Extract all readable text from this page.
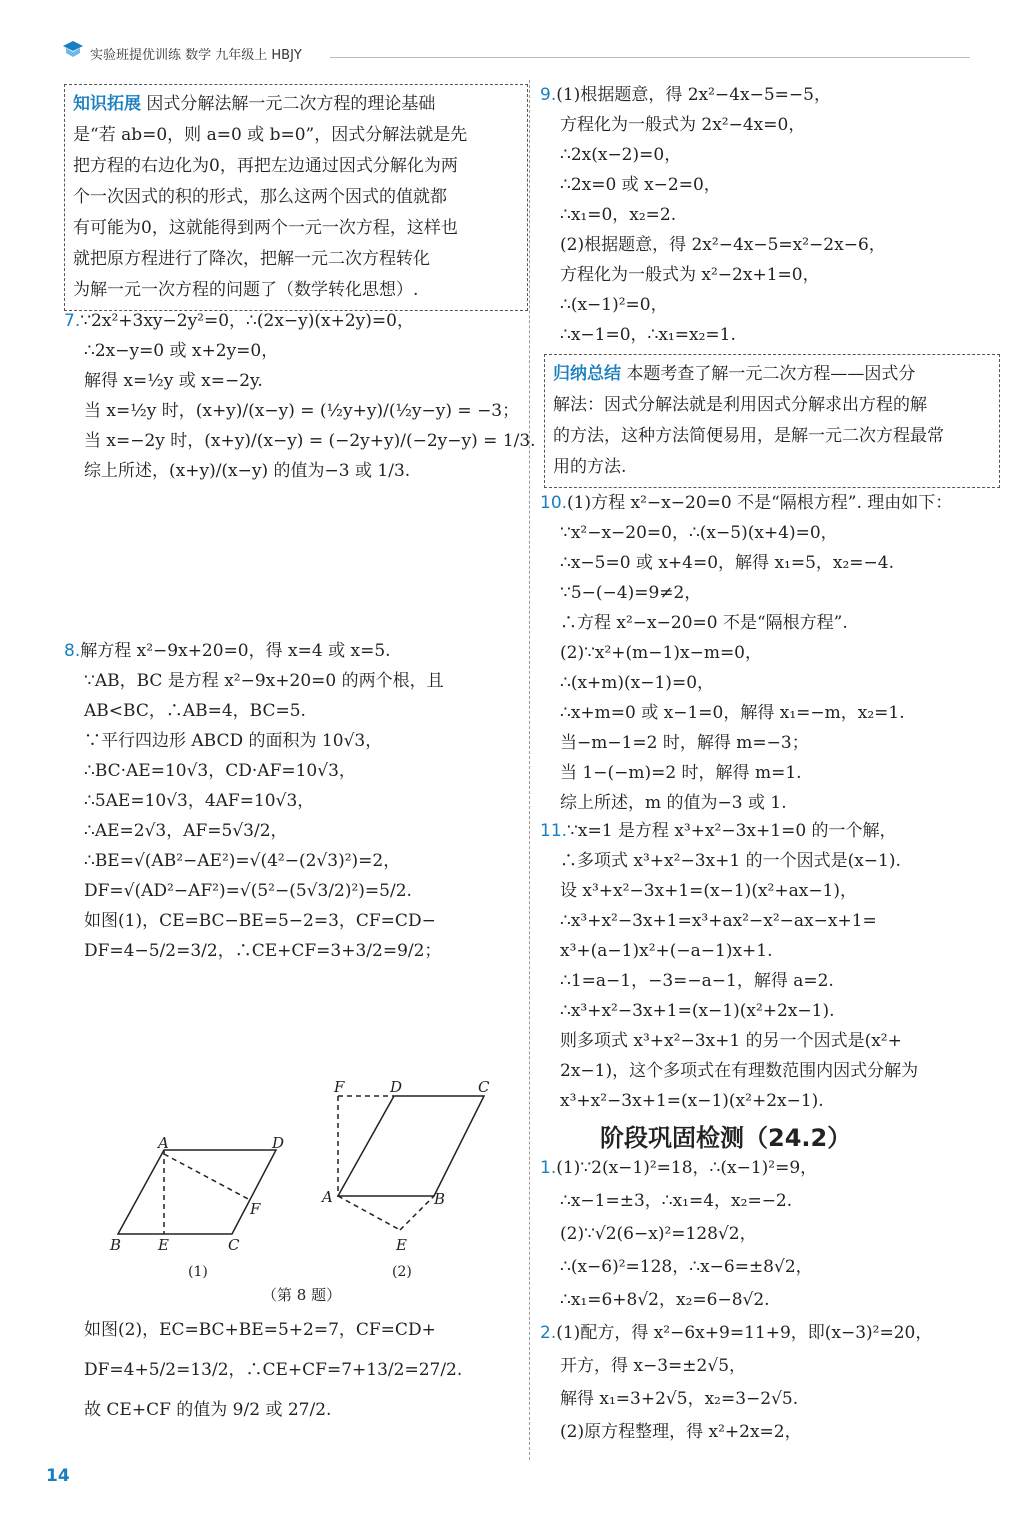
实验班提优训练 数学 九年级上 HBJY

知识拓展 因式分解法解一元二次方程的理论基础

是“若 ab=0，则 a=0 或 b=0”，因式分解法就是先

把方程的右边化为0，再把左边通过因式分解化为两

个一次因式的积的形式，那么这两个因式的值就都

有可能为0，这就能得到两个一元一次方程，这样也

就把原方程进行了降次，把解一元二次方程转化

为解一元一次方程的问题了（数学转化思想）.

7.∵2x²+3xy−2y²=0，∴(2x−y)(x+2y)=0，

∴2x−y=0 或 x+2y=0，

解得 x=½y 或 x=−2y.

当 x=½y 时，(x+y)/(x−y) = (½y+y)/(½y−y) = −3；

当 x=−2y 时，(x+y)/(x−y) = (−2y+y)/(−2y−y) = 1/3.

综上所述，(x+y)/(x−y) 的值为−3 或 1/3.

8.解方程 x²−9x+20=0，得 x=4 或 x=5.

∵AB，BC 是方程 x²−9x+20=0 的两个根，且

AB<BC，∴AB=4，BC=5.

∵平行四边形 ABCD 的面积为 10√3，

∴BC·AE=10√3，CD·AF=10√3，

∴5AE=10√3，4AF=10√3，

∴AE=2√3，AF=5√3/2，

∴BE=√(AB²−AE²)=√(4²−(2√3)²)=2，

DF=√(AD²−AF²)=√(5²−(5√3/2)²)=5/2.

如图(1)，CE=BC−BE=5−2=3，CF=CD−

DF=4−5/2=3/2，∴CE+CF=3+3/2=9/2；

A	D
B E	C
F
F	D	C
A	B
E
(1)	(2)
（第 8 题）

如图(2)，EC=BC+BE=5+2=7，CF=CD+

DF=4+5/2=13/2，∴CE+CF=7+13/2=27/2.

故 CE+CF 的值为 9/2 或 27/2.

9.(1)根据题意，得 2x²−4x−5=−5，

方程化为一般式为 2x²−4x=0，

∴2x(x−2)=0，

∴2x=0 或 x−2=0，

∴x₁=0，x₂=2.

(2)根据题意，得 2x²−4x−5=x²−2x−6，

方程化为一般式为 x²−2x+1=0，

∴(x−1)²=0，

∴x−1=0，∴x₁=x₂=1.

归纳总结 本题考查了解一元二次方程——因式分

解法：因式分解法就是利用因式分解求出方程的解

的方法，这种方法简便易用，是解一元二次方程最常

用的方法.

10.(1)方程 x²−x−20=0 不是“隔根方程”. 理由如下：

∵x²−x−20=0，∴(x−5)(x+4)=0，

∴x−5=0 或 x+4=0，解得 x₁=5，x₂=−4.

∵5−(−4)=9≠2，

∴方程 x²−x−20=0 不是“隔根方程”.

(2)∵x²+(m−1)x−m=0，

∴(x+m)(x−1)=0，

∴x+m=0 或 x−1=0，解得 x₁=−m，x₂=1.

当−m−1=2 时，解得 m=−3；

当 1−(−m)=2 时，解得 m=1.

综上所述，m 的值为−3 或 1.

11.∵x=1 是方程 x³+x²−3x+1=0 的一个解，

∴多项式 x³+x²−3x+1 的一个因式是(x−1).

设 x³+x²−3x+1=(x−1)(x²+ax−1)，

∴x³+x²−3x+1=x³+ax²−x²−ax−x+1=

x³+(a−1)x²+(−a−1)x+1.

∴1=a−1，−3=−a−1，解得 a=2.

∴x³+x²−3x+1=(x−1)(x²+2x−1).

则多项式 x³+x²−3x+1 的另一个因式是(x²+

2x−1)，这个多项式在有理数范围内因式分解为

x³+x²−3x+1=(x−1)(x²+2x−1).

阶段巩固检测（24.2）

1.(1)∵2(x−1)²=18，∴(x−1)²=9，

∴x−1=±3，∴x₁=4，x₂=−2.

(2)∵√2(6−x)²=128√2，

∴(x−6)²=128，∴x−6=±8√2，

∴x₁=6+8√2，x₂=6−8√2.

2.(1)配方，得 x²−6x+9=11+9，即(x−3)²=20，

开方，得 x−3=±2√5，

解得 x₁=3+2√5，x₂=3−2√5.

(2)原方程整理，得 x²+2x=2，

14
